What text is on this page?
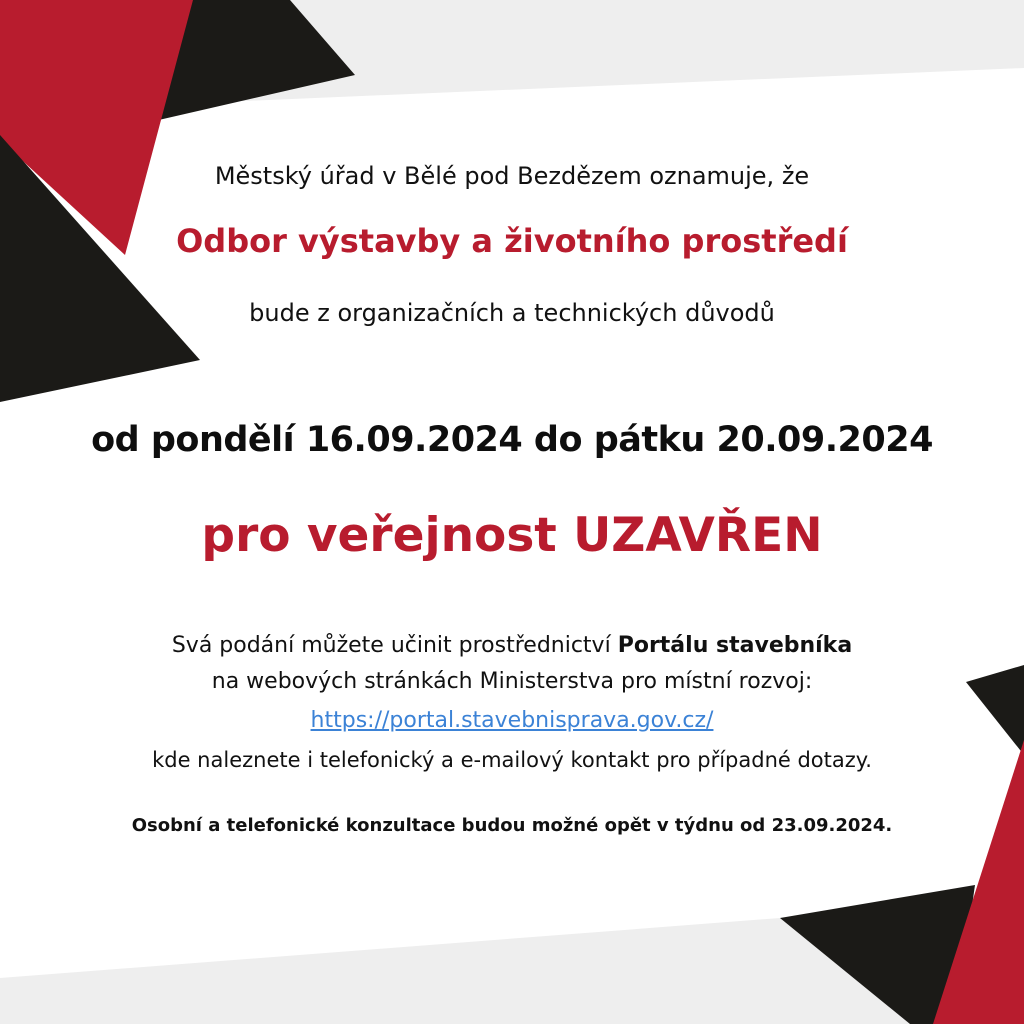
Městský úřad v Bělé pod Bezdězem oznamuje, že
Odbor výstavby a životního prostředí
bude z organizačních a technických důvodů
od pondělí 16.09.2024 do pátku 20.09.2024
pro veřejnost UZAVŘEN
Svá podání můžete učinit prostřednictví Portálu stavebníka
na webových stránkách Ministerstva pro místní rozvoj:
https://portal.stavebnisprava.gov.cz/
kde naleznete i telefonický a e-mailový kontakt pro případné dotazy.
Osobní a telefonické konzultace budou možné opět v týdnu od 23.09.2024.
